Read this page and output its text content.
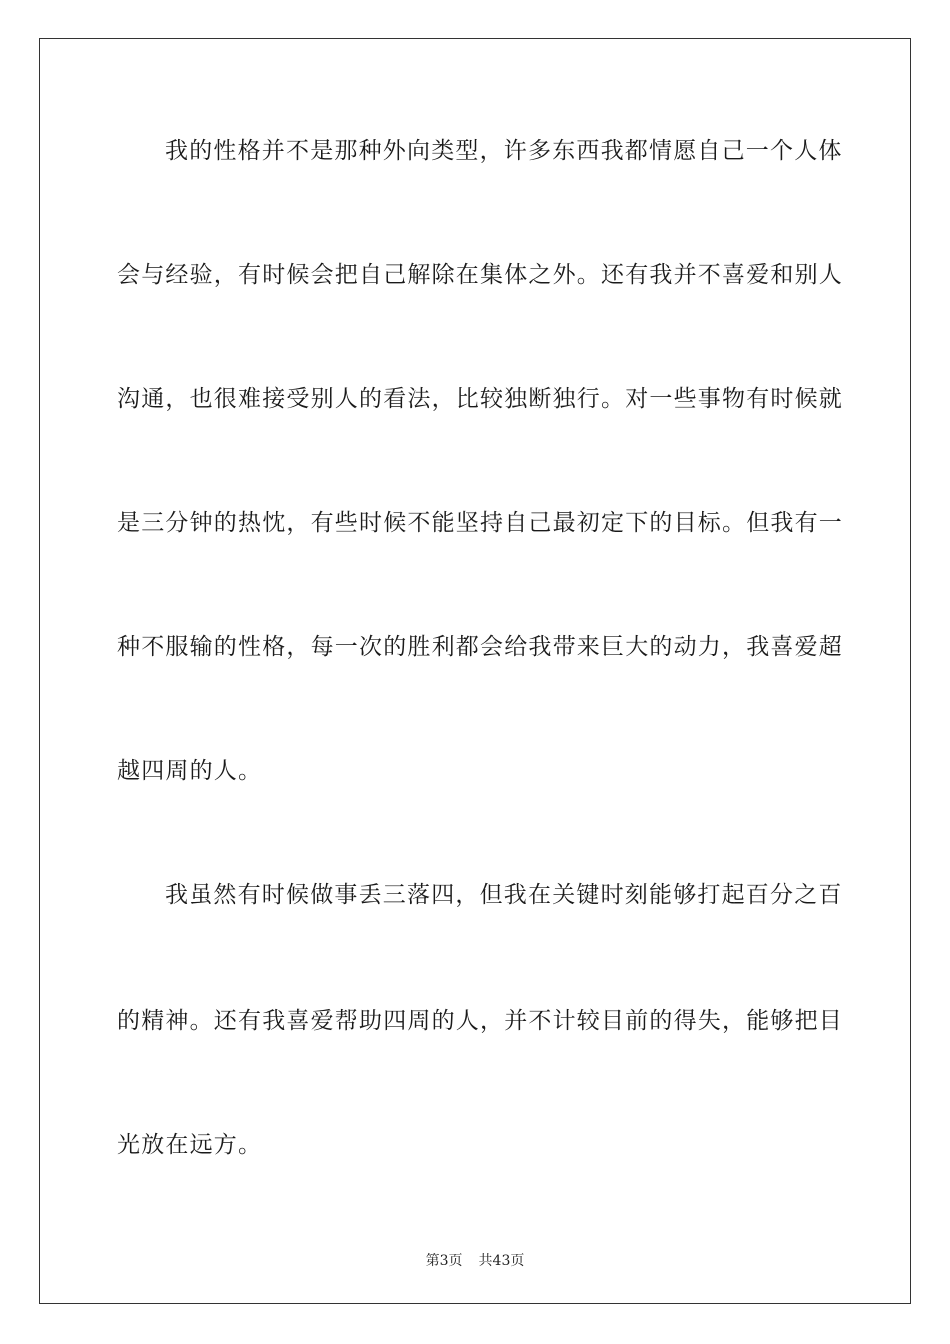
我的性格并不是那种外向类型，许多东西我都情愿自己一个人体
会与经验，有时候会把自己解除在集体之外。还有我并不喜爱和别人
沟通，也很难接受别人的看法，比较独断独行。对一些事物有时候就
是三分钟的热忱，有些时候不能坚持自己最初定下的目标。但我有一
种不服输的性格，每一次的胜利都会给我带来巨大的动力，我喜爱超
越四周的人。
我虽然有时候做事丢三落四，但我在关键时刻能够打起百分之百
的精神。还有我喜爱帮助四周的人，并不计较目前的得失，能够把目
光放在远方。
第3页 共43页
